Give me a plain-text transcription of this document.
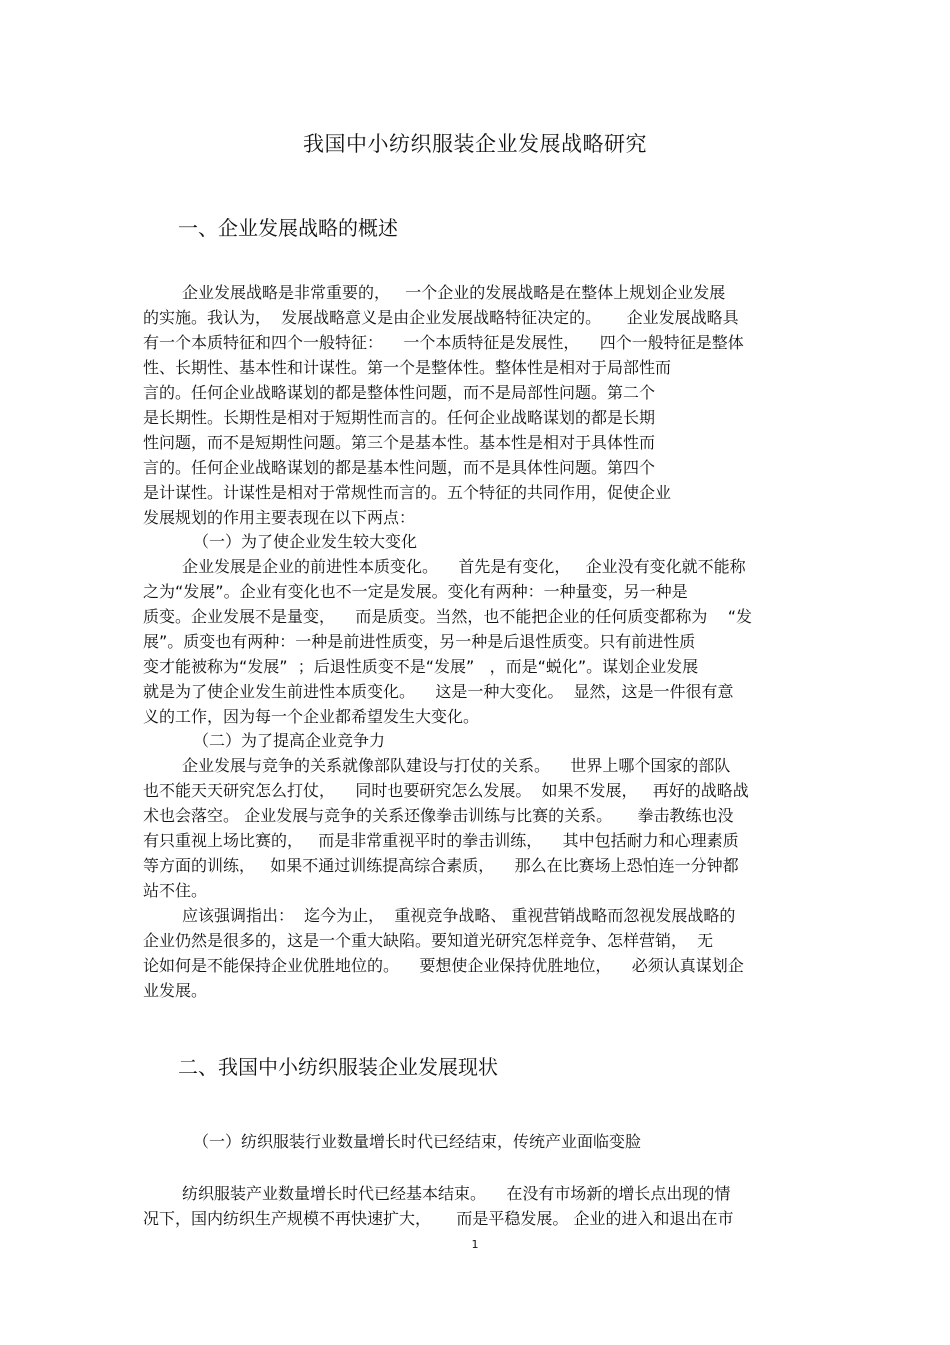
我国中小纺织服装企业发展战略研究
一、企业发展战略的概述
企业发展战略是非常重要的，   一个企业的发展战略是在整体上规划企业发展
的实施。我认为，  发展战略意义是由企业发展战略特征决定的。     企业发展战略具
有一个本质特征和四个一般特征：    一个本质特征是发展性，    四个一般特征是整体
性、长期性、基本性和计谋性。第一个是整体性。整体性是相对于局部性而
言的。任何企业战略谋划的都是整体性问题，而不是局部性问题。第二个
是长期性。长期性是相对于短期性而言的。任何企业战略谋划的都是长期
性问题，而不是短期性问题。第三个是基本性。基本性是相对于具体性而
言的。任何企业战略谋划的都是基本性问题，而不是具体性问题。第四个
是计谋性。计谋性是相对于常规性而言的。五个特征的共同作用，促使企业
发展规划的作用主要表现在以下两点：
（一）为了使企业发生较大变化
企业发展是企业的前进性本质变化。    首先是有变化，   企业没有变化就不能称
之为“发展”。企业有变化也不一定是发展。变化有两种：一种量变，另一种是
质变。企业发展不是量变，    而是质变。当然，也不能把企业的任何质变都称为    “发
展”。质变也有两种：一种是前进性质变，另一种是后退性质变。只有前进性质
变才能被称为“发展”  ；后退性质变不是“发展”   ，而是“蜕化”。谋划企业发展
就是为了使企业发生前进性本质变化。    这是一种大变化。  显然，这是一件很有意
义的工作，因为每一个企业都希望发生大变化。
（二）为了提高企业竞争力
企业发展与竞争的关系就像部队建设与打仗的关系。    世界上哪个国家的部队
也不能天天研究怎么打仗，    同时也要研究怎么发展。  如果不发展，   再好的战略战
术也会落空。 企业发展与竞争的关系还像拳击训练与比赛的关系。     拳击教练也没
有只重视上场比赛的，   而是非常重视平时的拳击训练，    其中包括耐力和心理素质
等方面的训练，   如果不通过训练提高综合素质，    那么在比赛场上恐怕连一分钟都
站不住。
应该强调指出：  迄今为止，  重视竞争战略、 重视营销战略而忽视发展战略的
企业仍然是很多的，这是一个重大缺陷。要知道光研究怎样竞争、怎样营销，  无
论如何是不能保持企业优胜地位的。    要想使企业保持优胜地位，    必须认真谋划企
业发展。
二、我国中小纺织服装企业发展现状
（一）纺织服装行业数量增长时代已经结束，传统产业面临变脸
纺织服装产业数量增长时代已经基本结束。    在没有市场新的增长点出现的情
况下，国内纺织生产规模不再快速扩大，     而是平稳发展。 企业的进入和退出在市
1
